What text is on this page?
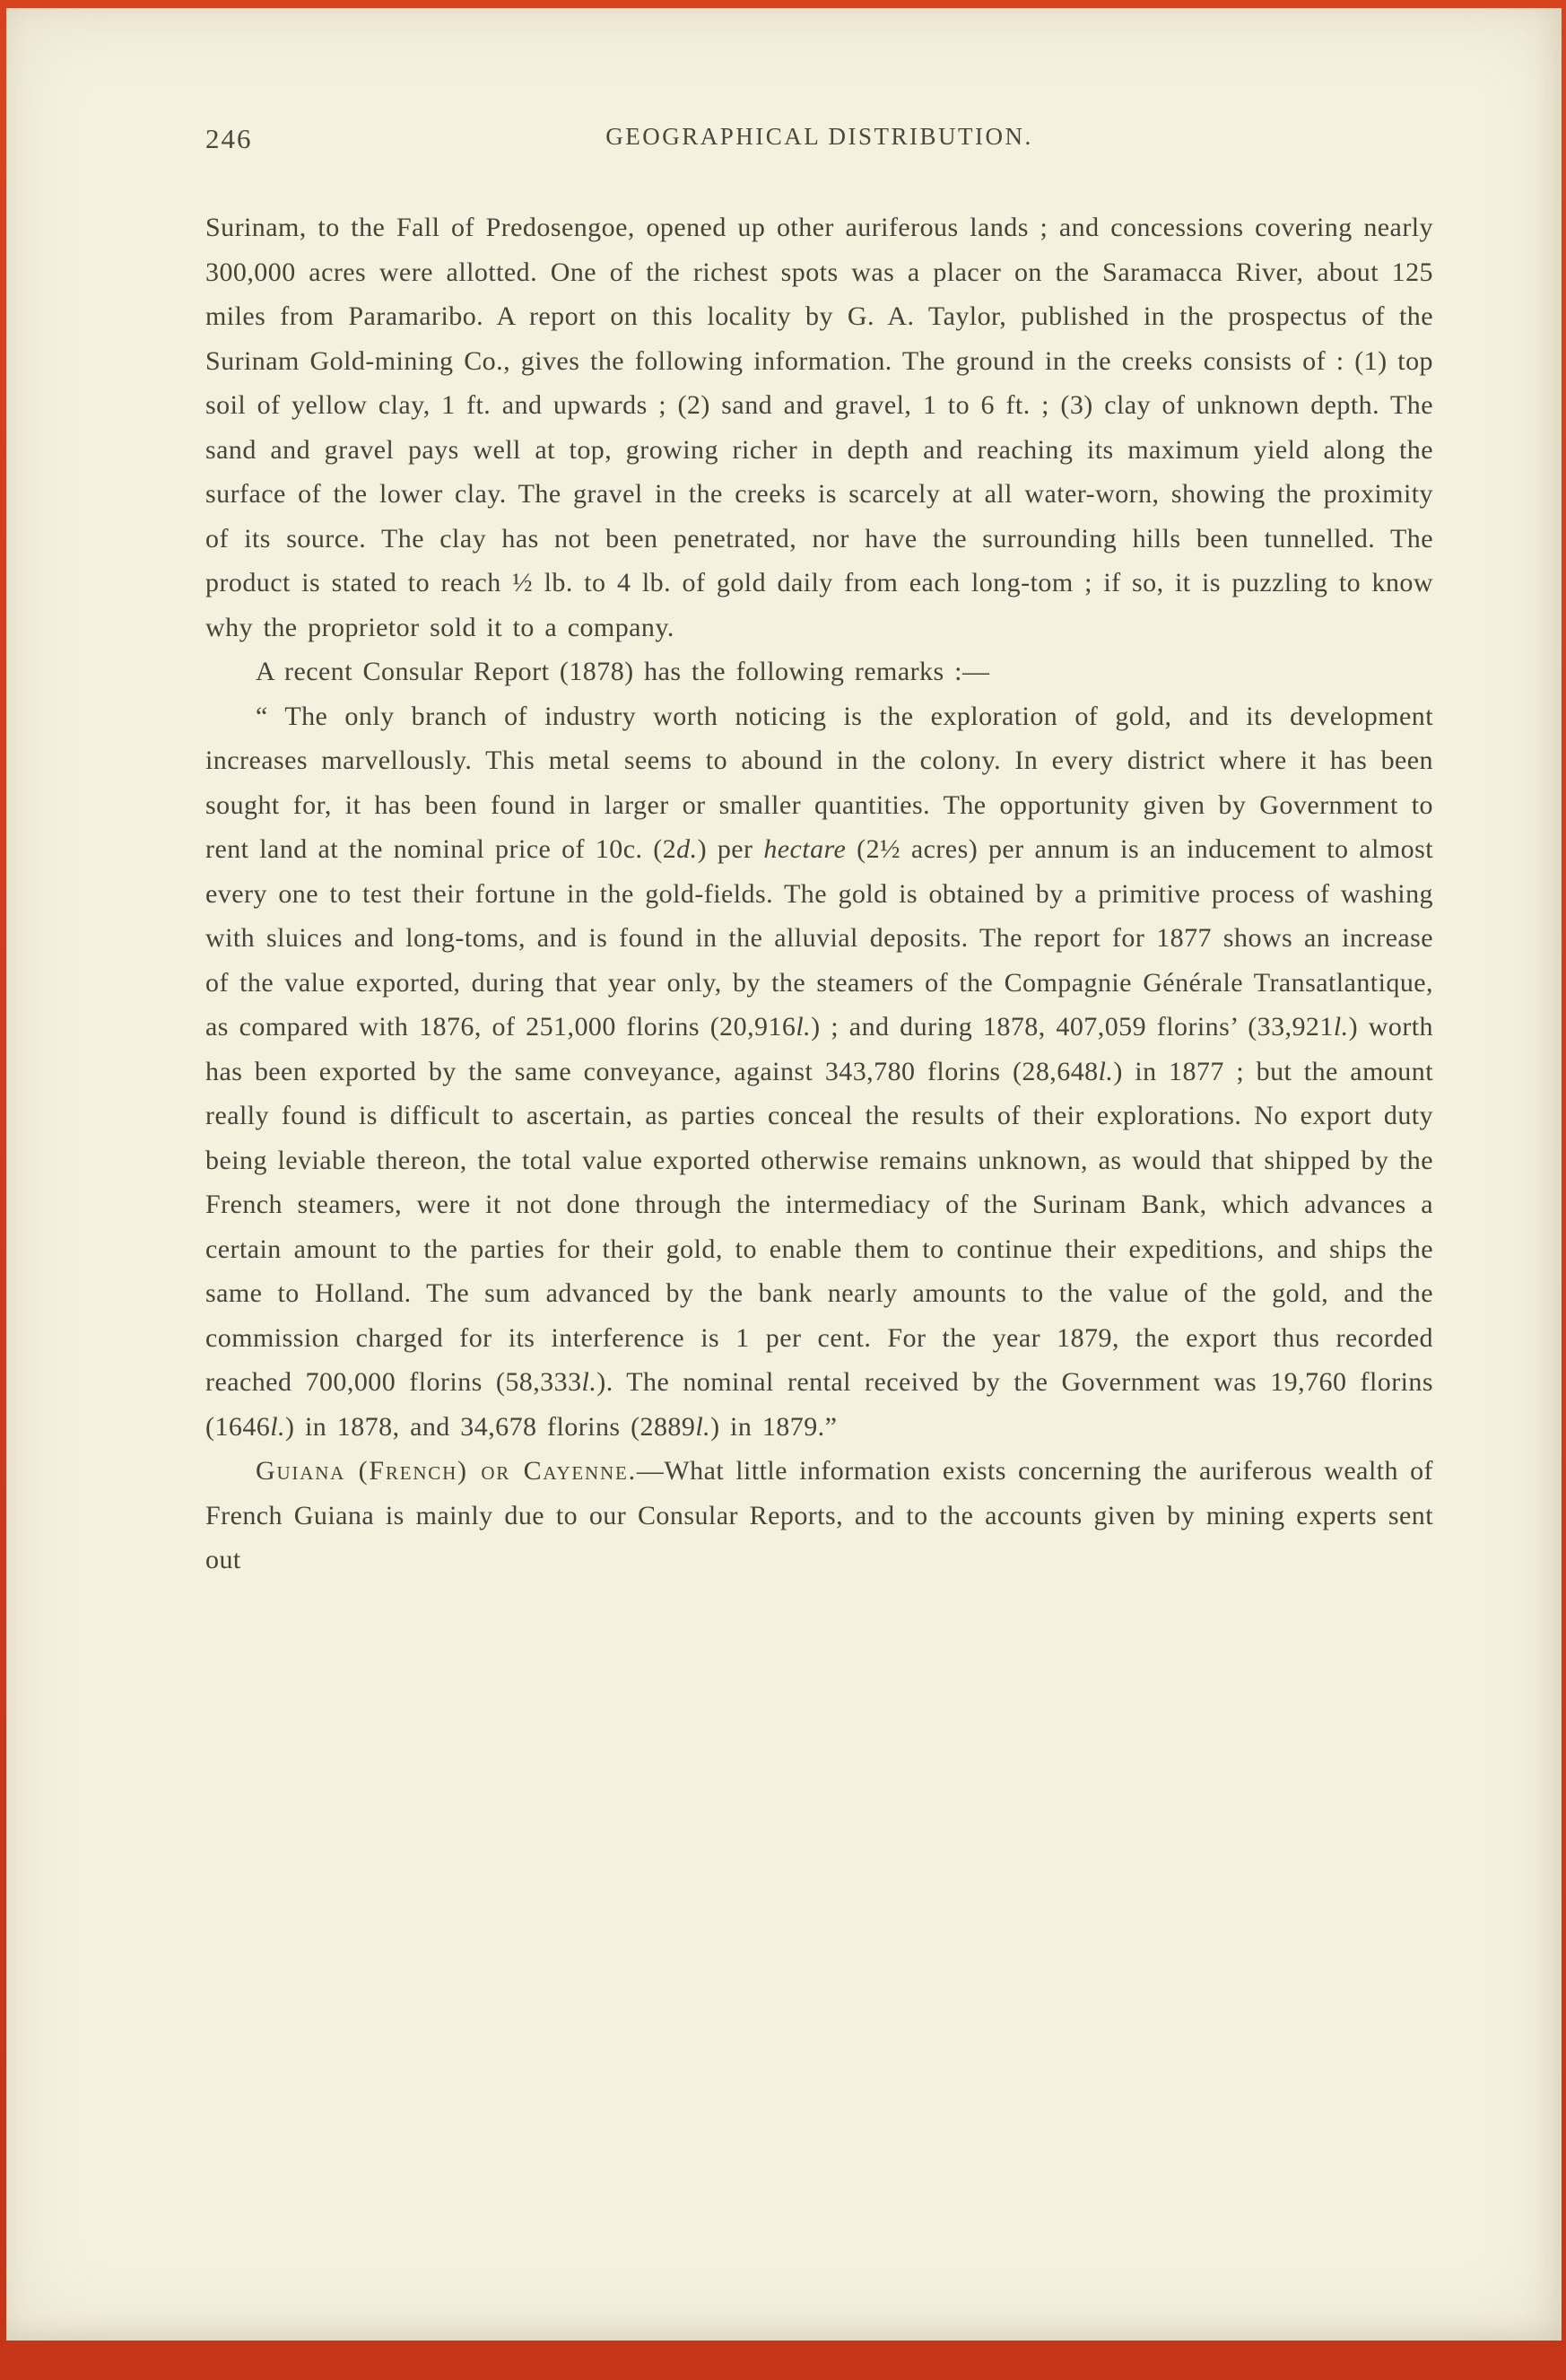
246	GEOGRAPHICAL DISTRIBUTION.

Surinam, to the Fall of Predosengoe, opened up other auriferous lands ; and concessions covering nearly 300,000 acres were allotted. One of the richest spots was a placer on the Saramacca River, about 125 miles from Paramaribo. A report on this locality by G. A. Taylor, published in the prospectus of the Surinam Gold-mining Co., gives the following information. The ground in the creeks consists of : (1) top soil of yellow clay, 1 ft. and upwards ; (2) sand and gravel, 1 to 6 ft. ; (3) clay of unknown depth. The sand and gravel pays well at top, growing richer in depth and reaching its maximum yield along the surface of the lower clay. The gravel in the creeks is scarcely at all water-worn, showing the proximity of its source. The clay has not been penetrated, nor have the surrounding hills been tunnelled. The product is stated to reach ½ lb. to 4 lb. of gold daily from each long-tom ; if so, it is puzzling to know why the proprietor sold it to a company.

A recent Consular Report (1878) has the following remarks :—

“ The only branch of industry worth noticing is the exploration of gold, and its development increases marvellously. This metal seems to abound in the colony. In every district where it has been sought for, it has been found in larger or smaller quantities. The opportunity given by Government to rent land at the nominal price of 10c. (2d.) per hectare (2½ acres) per annum is an inducement to almost every one to test their fortune in the gold-fields. The gold is obtained by a primitive process of washing with sluices and long-toms, and is found in the alluvial deposits. The report for 1877 shows an increase of the value exported, during that year only, by the steamers of the Compagnie Générale Transatlantique, as compared with 1876, of 251,000 florins (20,916l.) ; and during 1878, 407,059 florins’ (33,921l.) worth has been exported by the same conveyance, against 343,780 florins (28,648l.) in 1877 ; but the amount really found is difficult to ascertain, as parties conceal the results of their explorations. No export duty being leviable thereon, the total value exported otherwise remains unknown, as would that shipped by the French steamers, were it not done through the intermediacy of the Surinam Bank, which advances a certain amount to the parties for their gold, to enable them to continue their expeditions, and ships the same to Holland. The sum advanced by the bank nearly amounts to the value of the gold, and the commission charged for its interference is 1 per cent. For the year 1879, the export thus recorded reached 700,000 florins (58,333l.). The nominal rental received by the Government was 19,760 florins (1646l.) in 1878, and 34,678 florins (2889l.) in 1879.”

Guiana (French) or Cayenne.—What little information exists concerning the auriferous wealth of French Guiana is mainly due to our Consular Reports, and to the accounts given by mining experts sent out
